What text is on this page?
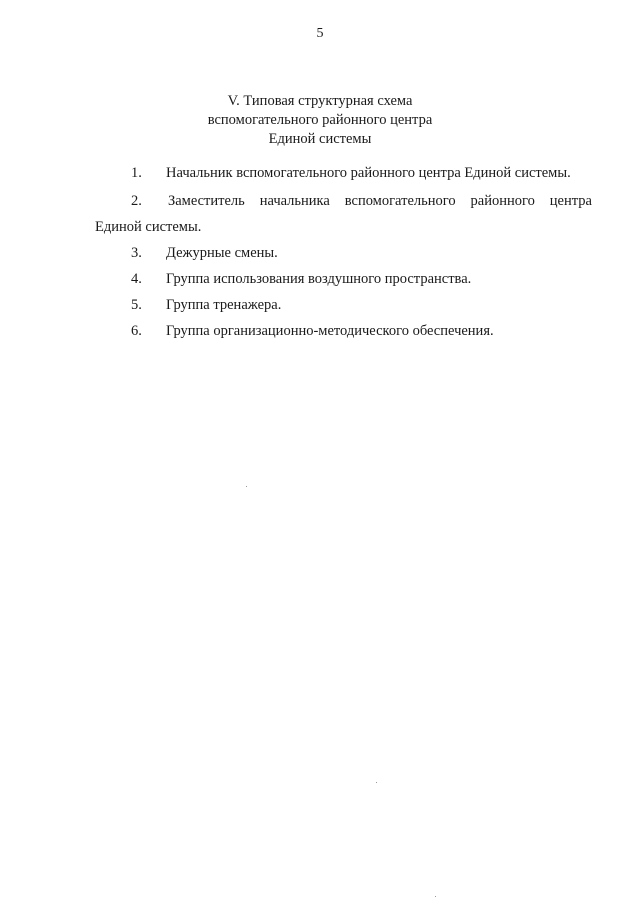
5
V. Типовая структурная схема
вспомогательного районного центра
Единой системы
1. Начальник вспомогательного районного центра Единой системы.
2.	Заместитель начальника вспомогательного районного центра
Единой системы.
3. Дежурные смены.
4. Группа использования воздушного пространства.
5. Группа тренажера.
6. Группа организационно-методического обеспечения.
